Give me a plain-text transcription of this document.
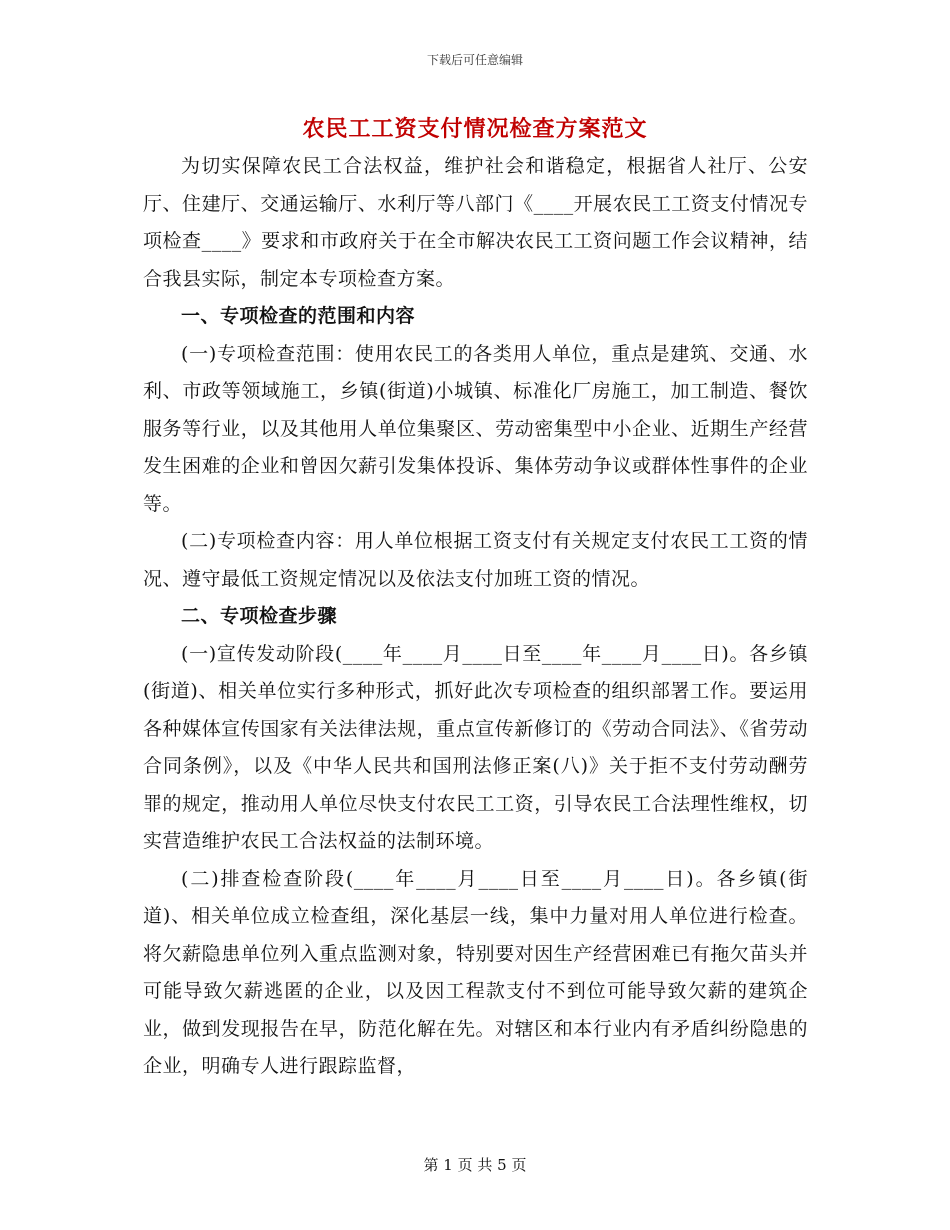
下载后可任意编辑
农民工工资支付情况检查方案范文

为切实保障农民工合法权益，维护社会和谐稳定，根据省人社厅、公安厅、住建厅、交通运输厅、水利厅等八部门《____开展农民工工资支付情况专项检查____》要求和市政府关于在全市解决农民工工资问题工作会议精神，结合我县实际，制定本专项检查方案。

一、专项检查的范围和内容

(一)专项检查范围：使用农民工的各类用人单位，重点是建筑、交通、水利、市政等领域施工，乡镇(街道)小城镇、标准化厂房施工，加工制造、餐饮服务等行业，以及其他用人单位集聚区、劳动密集型中小企业、近期生产经营发生困难的企业和曾因欠薪引发集体投诉、集体劳动争议或群体性事件的企业等。

(二)专项检查内容：用人单位根据工资支付有关规定支付农民工工资的情况、遵守最低工资规定情况以及依法支付加班工资的情况。

二、专项检查步骤

(一)宣传发动阶段(____年____月____日至____年____月____日)。各乡镇(街道)、相关单位实行多种形式，抓好此次专项检查的组织部署工作。要运用各种媒体宣传国家有关法律法规，重点宣传新修订的《劳动合同法》、《省劳动合同条例》，以及《中华人民共和国刑法修正案(八)》关于拒不支付劳动酬劳罪的规定，推动用人单位尽快支付农民工工资，引导农民工合法理性维权，切实营造维护农民工合法权益的法制环境。

(二)排查检查阶段(____年____月____日至____月____日)。各乡镇(街道)、相关单位成立检查组，深化基层一线，集中力量对用人单位进行检查。将欠薪隐患单位列入重点监测对象，特别要对因生产经营困难已有拖欠苗头并可能导致欠薪逃匿的企业，以及因工程款支付不到位可能导致欠薪的建筑企业，做到发现报告在早，防范化解在先。对辖区和本行业内有矛盾纠纷隐患的企业，明确专人进行跟踪监督，

第 1 页 共 5 页
